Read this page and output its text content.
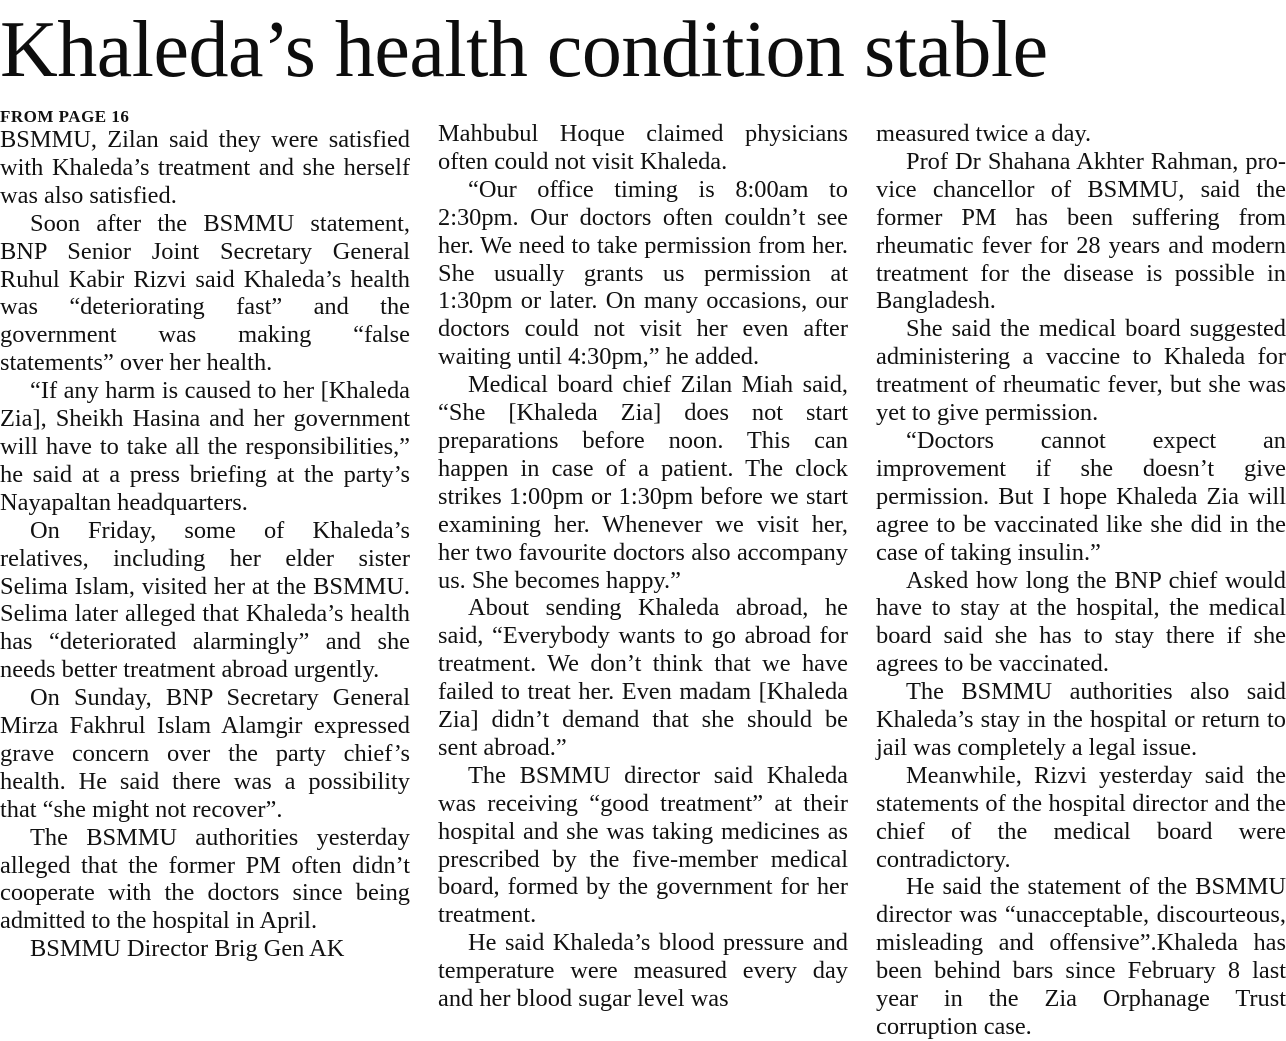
Khaleda’s health condition stable
FROM PAGE 16

BSMMU, Zilan said they were satisfied with Khaleda’s treatment and she herself was also satisfied.

Soon after the BSMMU statement, BNP Senior Joint Secretary General Ruhul Kabir Rizvi said Khaleda’s health was “deteriorating fast” and the government was making “false statements” over her health.

“If any harm is caused to her [Khaleda Zia], Sheikh Hasina and her government will have to take all the responsibilities,” he said at a press briefing at the party’s Nayapaltan headquarters.

On Friday, some of Khaleda’s relatives, including her elder sister Selima Islam, visited her at the BSMMU. Selima later alleged that Khaleda’s health has “deteriorated alarmingly” and she needs better treatment abroad urgently.

On Sunday, BNP Secretary General Mirza Fakhrul Islam Alamgir expressed grave concern over the party chief’s health. He said there was a possibility that “she might not recover”.

The BSMMU authorities yesterday alleged that the former PM often didn’t cooperate with the doctors since being admitted to the hospital in April.

BSMMU Director Brig Gen AK

Mahbubul Hoque claimed physicians often could not visit Khaleda.

“Our office timing is 8:00am to 2:30pm. Our doctors often couldn’t see her. We need to take permission from her. She usually grants us permission at 1:30pm or later. On many occasions, our doctors could not visit her even after waiting until 4:30pm,” he added.

Medical board chief Zilan Miah said, “She [Khaleda Zia] does not start preparations before noon. This can happen in case of a patient. The clock strikes 1:00pm or 1:30pm before we start examining her. Whenever we visit her, her two favourite doctors also accompany us. She becomes happy.”

About sending Khaleda abroad, he said, “Everybody wants to go abroad for treatment. We don’t think that we have failed to treat her. Even madam [Khaleda Zia] didn’t demand that she should be sent abroad.”

The BSMMU director said Khaleda was receiving “good treatment” at their hospital and she was taking medicines as prescribed by the five-member medical board, formed by the government for her treatment.

He said Khaleda’s blood pressure and temperature were measured every day and her blood sugar level was

measured twice a day.

Prof Dr Shahana Akhter Rahman, pro-vice chancellor of BSMMU, said the former PM has been suffering from rheumatic fever for 28 years and modern treatment for the disease is possible in Bangladesh.

She said the medical board suggested administering a vaccine to Khaleda for treatment of rheumatic fever, but she was yet to give permission.

“Doctors cannot expect an improvement if she doesn’t give permission. But I hope Khaleda Zia will agree to be vaccinated like she did in the case of taking insulin.”

Asked how long the BNP chief would have to stay at the hospital, the medical board said she has to stay there if she agrees to be vaccinated.

The BSMMU authorities also said Khaleda’s stay in the hospital or return to jail was completely a legal issue.

Meanwhile, Rizvi yesterday said the statements of the hospital director and the chief of the medical board were contradictory.

He said the statement of the BSMMU director was “unacceptable, discourteous, misleading and offensive”.Khaleda has been behind bars since February 8 last year in the Zia Orphanage Trust corruption case.
